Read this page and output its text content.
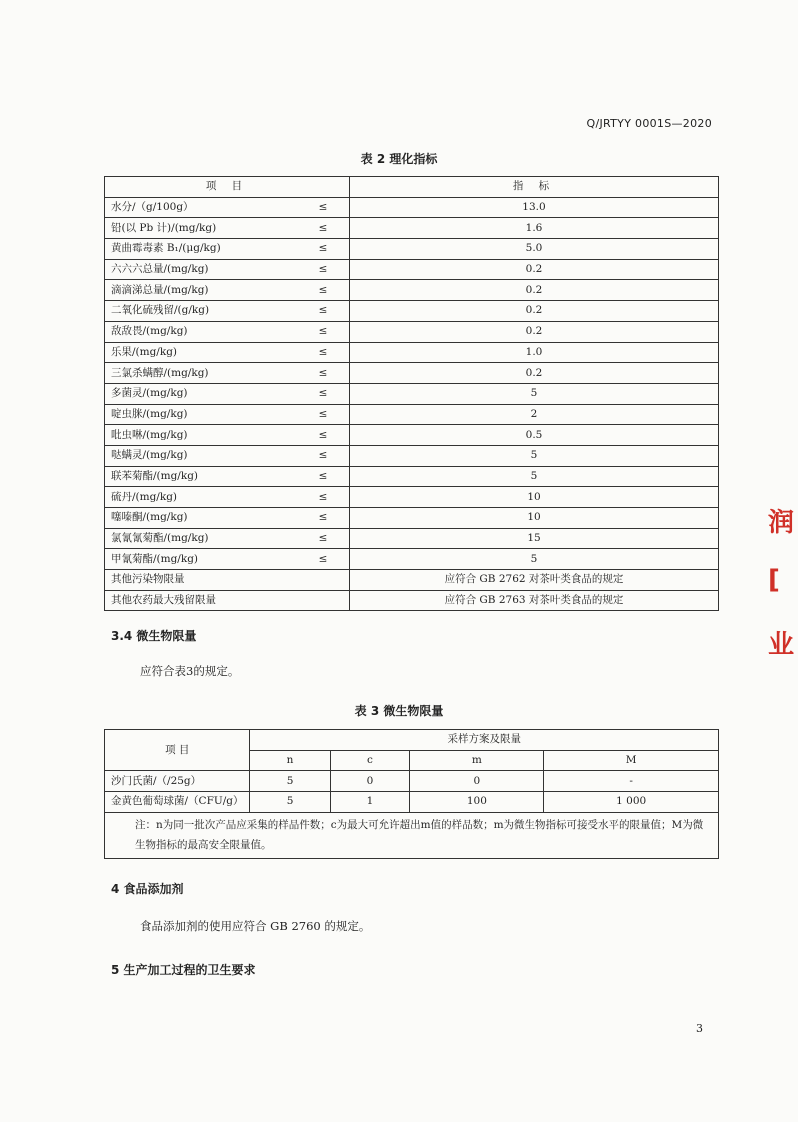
Q/JRTYY 0001S—2020
表 2 理化指标
项 目		指 标
水分/（g/100g）	≤	13.0
铅(以 Pb 计)/(mg/kg)	≤	1.6
黄曲霉毒素 B₁/(μg/kg)	≤	5.0
六六六总量/(mg/kg)	≤	0.2
滴滴涕总量/(mg/kg)	≤	0.2
二氧化硫残留/(g/kg)	≤	0.2
敌敌畏/(mg/kg)	≤	0.2
乐果/(mg/kg)	≤	1.0
三氯杀螨醇/(mg/kg)	≤	0.2
多菌灵/(mg/kg)	≤	5
啶虫脒/(mg/kg)	≤	2
吡虫啉/(mg/kg)	≤	0.5
哒螨灵/(mg/kg)	≤	5
联苯菊酯/(mg/kg)	≤	5
硫丹/(mg/kg)	≤	10
噻嗪酮/(mg/kg)	≤	10
氯氰氰菊酯/(mg/kg)	≤	15
甲氰菊酯/(mg/kg)	≤	5
其他污染物限量		应符合 GB 2762 对茶叶类食品的规定
其他农药最大残留限量		应符合 GB 2763 对茶叶类食品的规定
3.4 微生物限量
应符合表3的规定。
表 3 微生物限量
项 目	采样方案及限量			
	n	c	m	M
沙门氏菌/（/25g）	5	0	0	-
金黄色葡萄球菌/（CFU/g）	5	1	100	1 000
注：n为同一批次产品应采集的样品件数；c为最大可允许超出m值的样品数；m为微生物指标可接受水平的限量值；M为微生物指标的最高安全限量值。				
4 食品添加剂
食品添加剂的使用应符合 GB 2760 的规定。
5 生产加工过程的卫生要求
3
润
[
业
